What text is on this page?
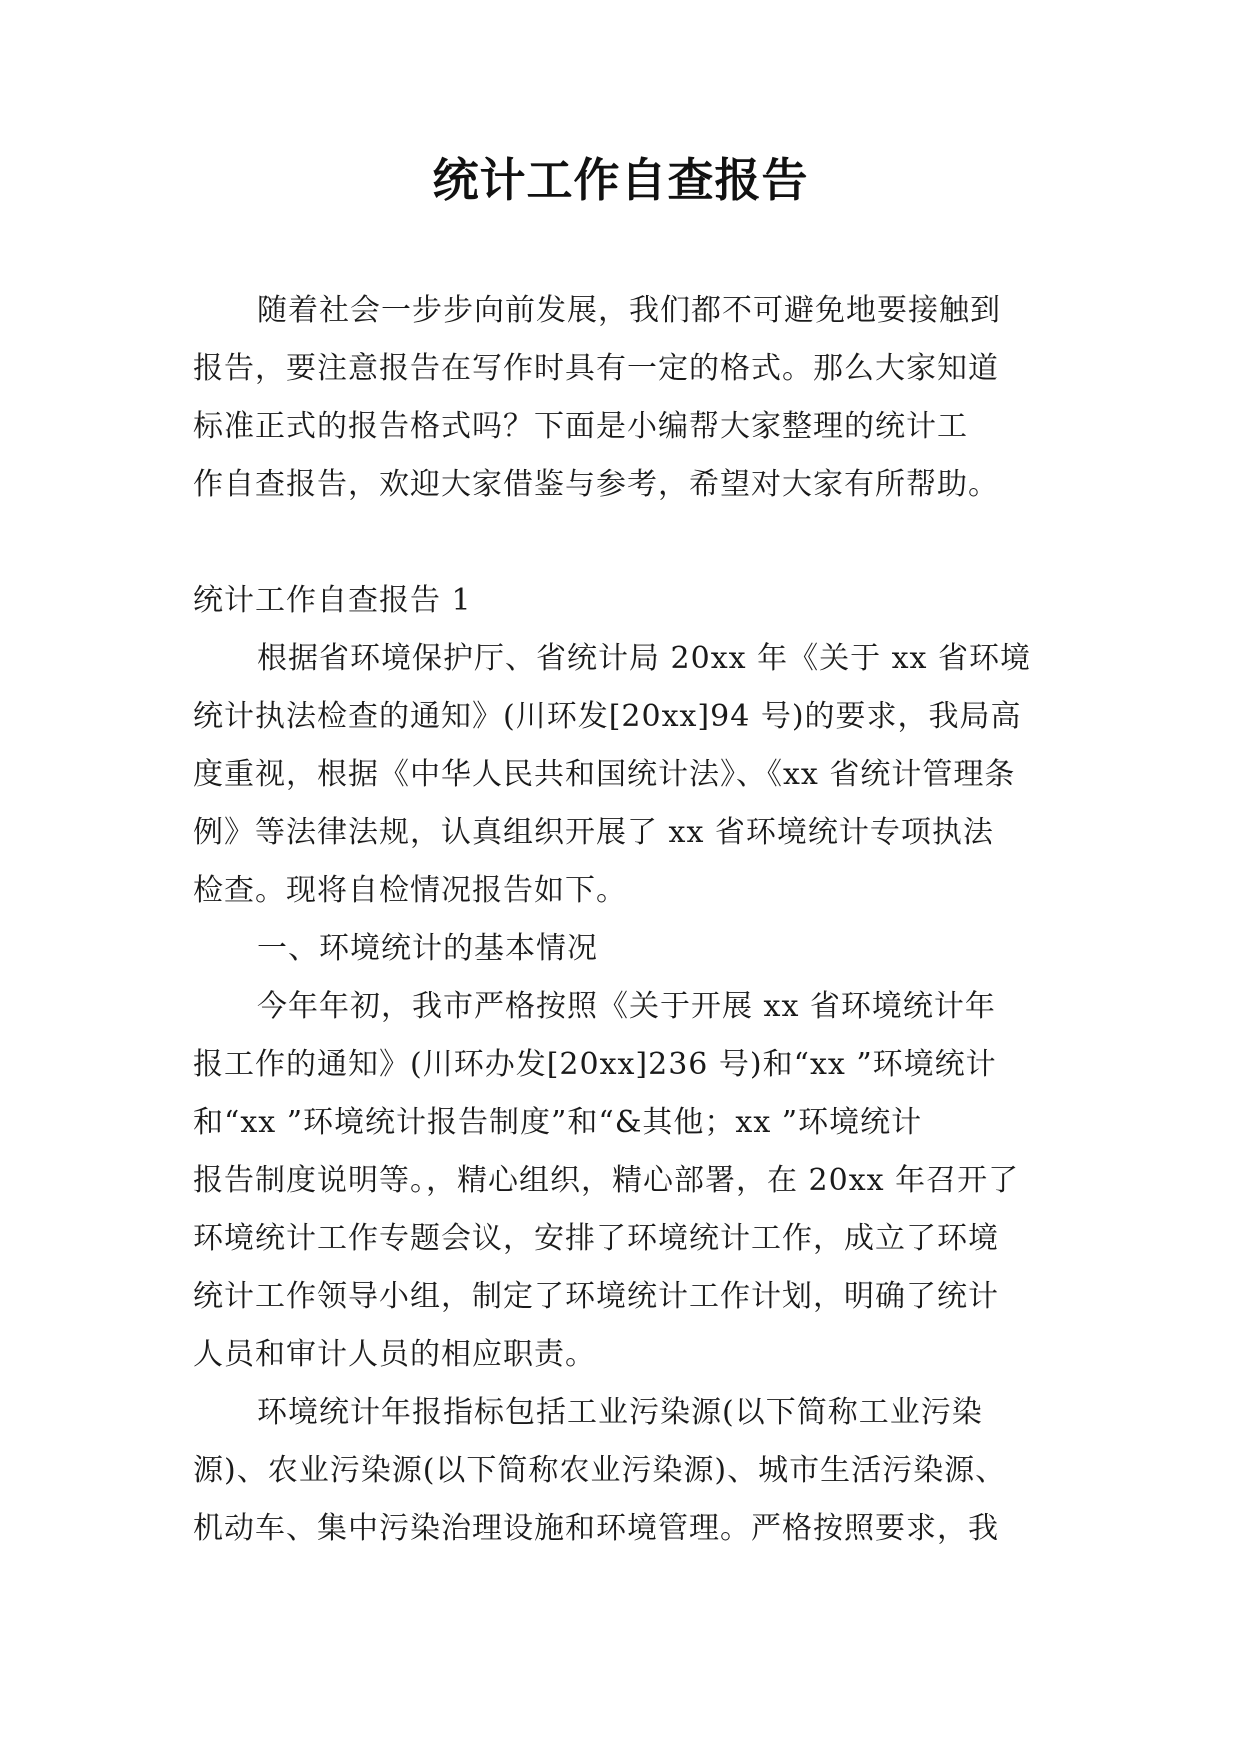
统计工作自查报告
随着社会一步步向前发展，我们都不可避免地要接触到
报告，要注意报告在写作时具有一定的格式。那么大家知道
标准正式的报告格式吗？下面是小编帮大家整理的统计工
作自查报告，欢迎大家借鉴与参考，希望对大家有所帮助。
统计工作自查报告 1
根据省环境保护厅、省统计局 20xx 年《关于 xx 省环境
统计执法检查的通知》(川环发[20xx]94 号)的要求，我局高
度重视，根据《中华人民共和国统计法》、《xx 省统计管理条
例》等法律法规，认真组织开展了 xx 省环境统计专项执法
检查。现将自检情况报告如下。
一、环境统计的基本情况
今年年初，我市严格按照《关于开展 xx 省环境统计年
报工作的通知》(川环办发[20xx]236 号)和“xx ”环境统计
和“xx ”环境统计报告制度”和“&其他；xx ”环境统计
报告制度说明等。，精心组织，精心部署，在 20xx 年召开了
环境统计工作专题会议，安排了环境统计工作，成立了环境
统计工作领导小组，制定了环境统计工作计划，明确了统计
人员和审计人员的相应职责。
环境统计年报指标包括工业污染源(以下简称工业污染
源)、农业污染源(以下简称农业污染源)、城市生活污染源、
机动车、集中污染治理设施和环境管理。严格按照要求，我
